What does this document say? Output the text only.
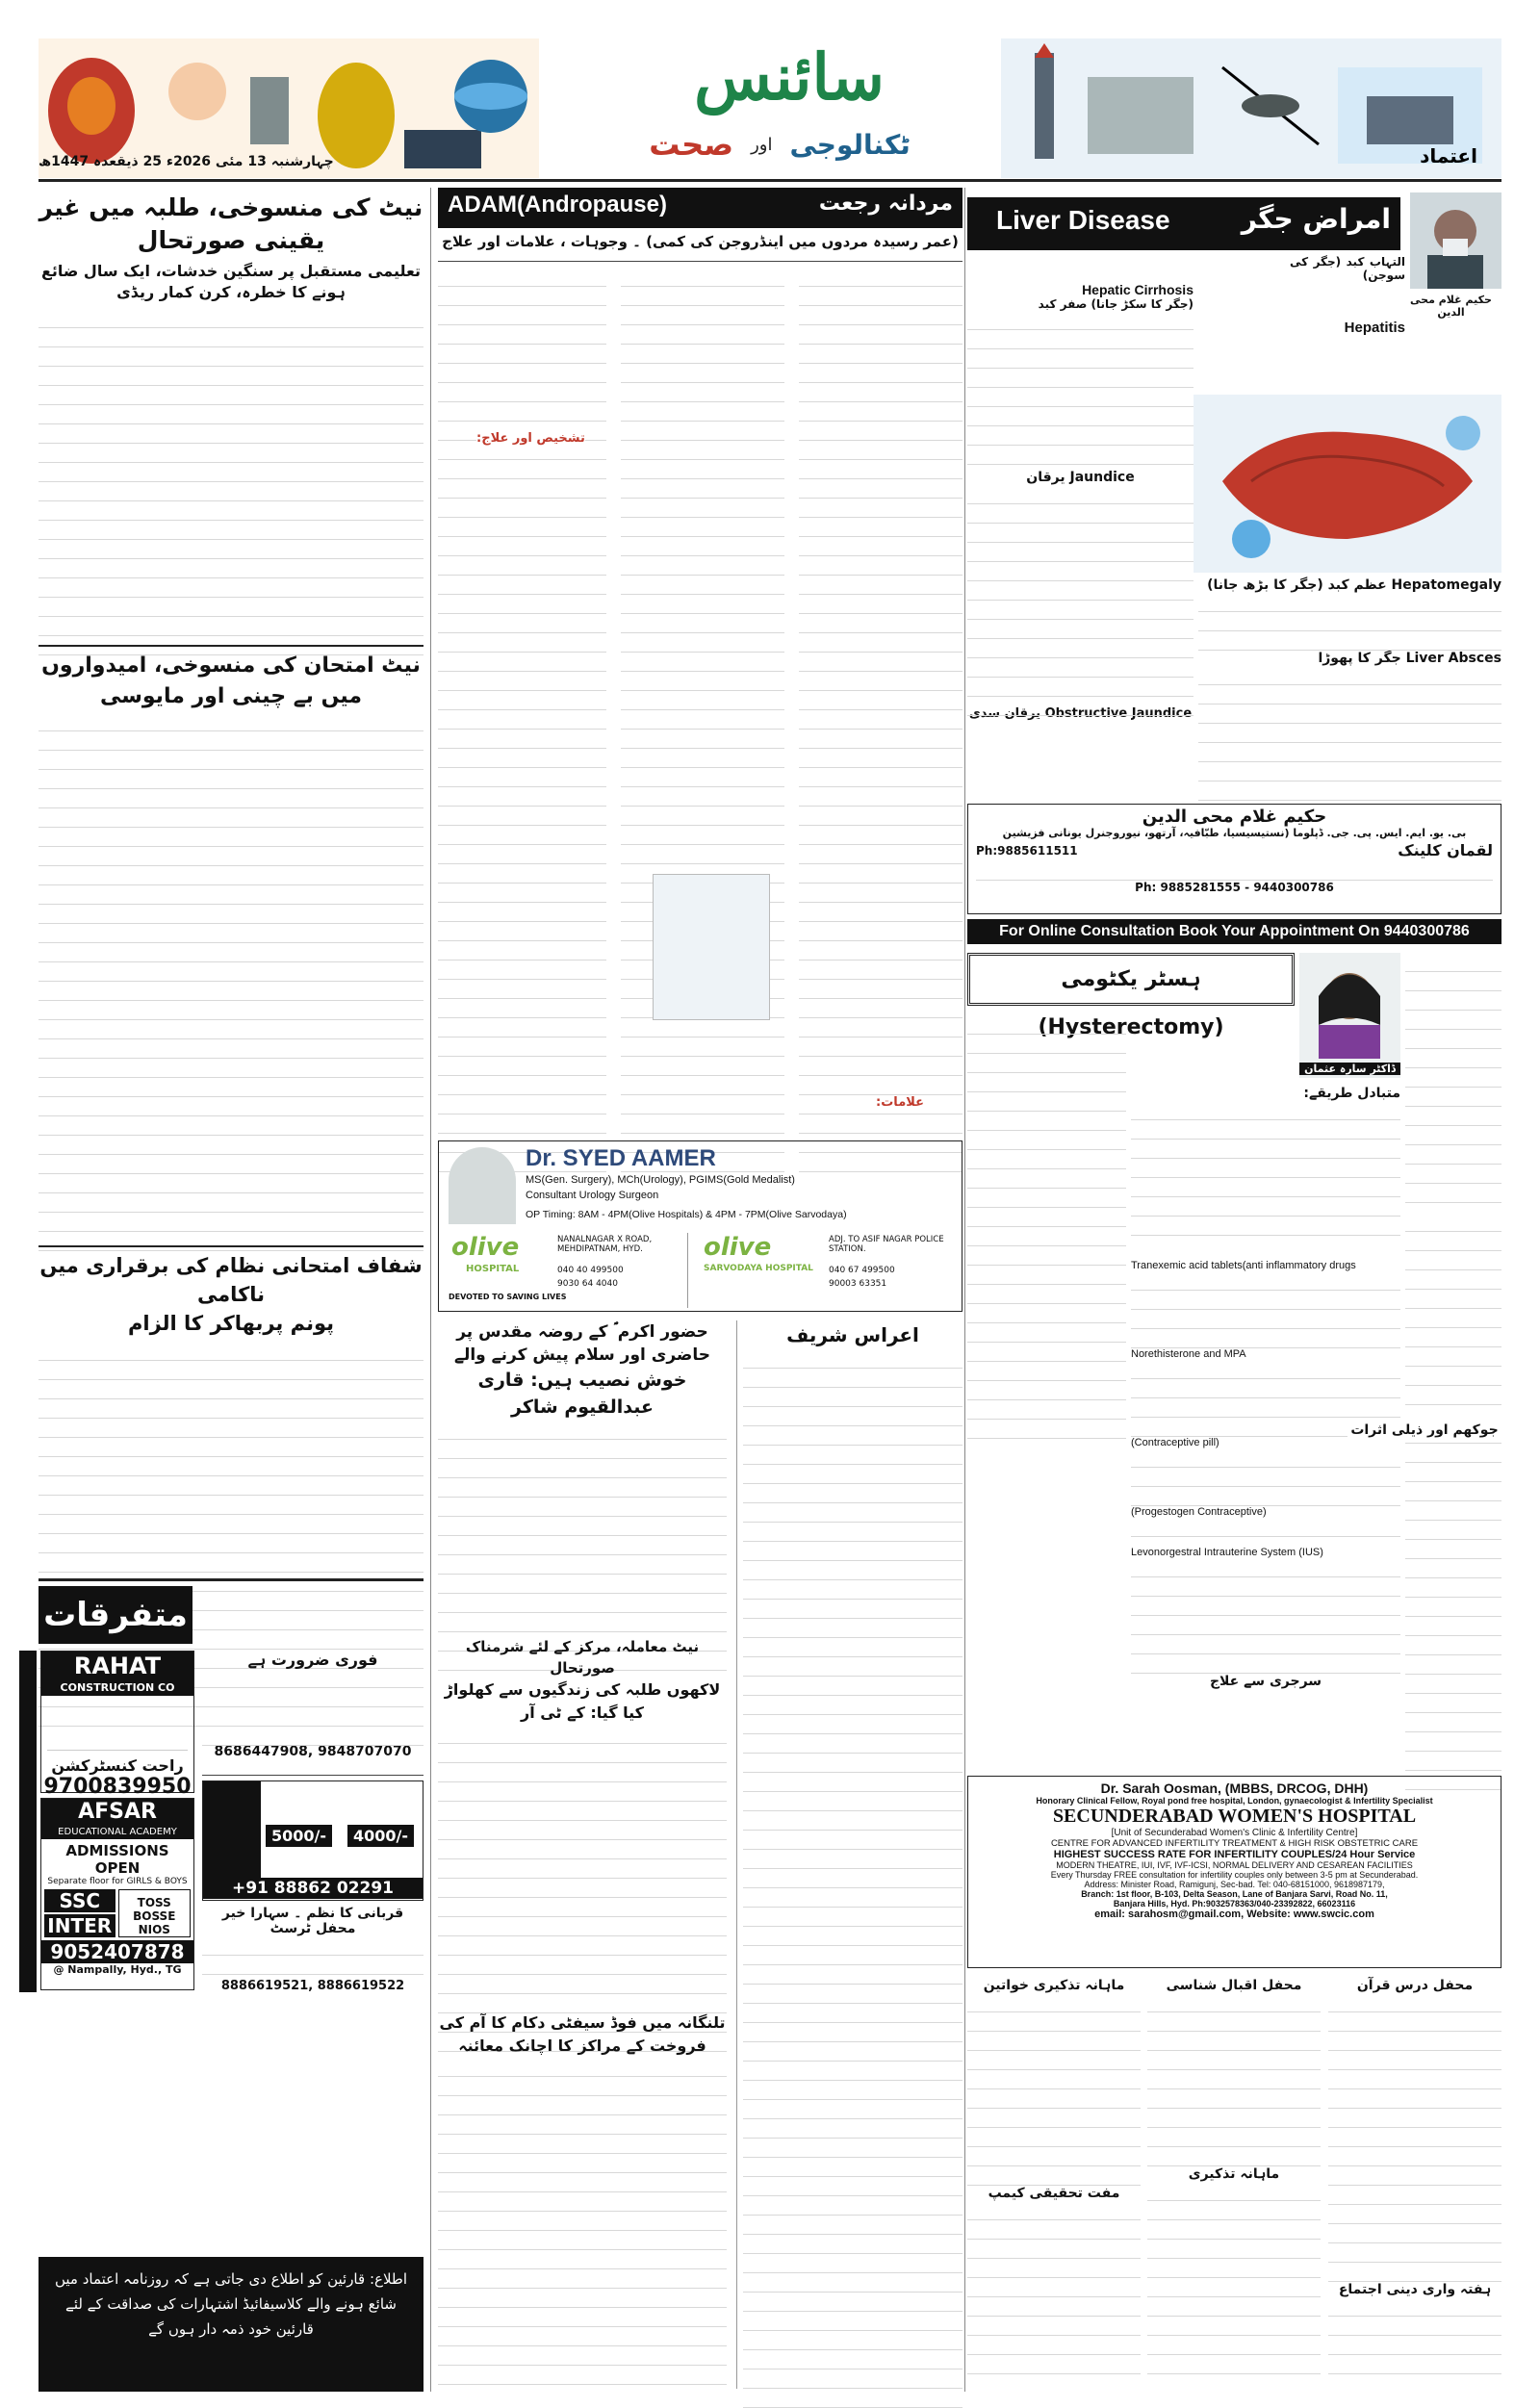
سائنس
صحت اور ٹکنالوجی	اعتماد
چہارشنبہ 13 مئی 2026ء 25 ذیقعدہ 1447ھ
نیٹ کی منسوخی، طلبہ میں غیر یقینی صورتحال
تعلیمی مستقبل پر سنگین خدشات، ایک سال ضائع ہونے کا خطرہ، کرن کمار ریڈی
نیٹ امتحان کی منسوخی، امیدواروں میں بے چینی اور مایوسی
شفاف امتحانی نظام کی برقراری میں ناکامی
پونم پربھاکر کا الزام
متفرقات
RAHAT
CONSTRUCTION CO
راحت کنسٹرکشن
9700839950
AFSAR
EDUCATIONAL ACADEMY
ADMISSIONS OPEN
Separate floor for GIRLS & BOYS
SSC
INTER
TOSS BOSSE NIOS
9052407878
@ Nampally, Hyd., TG
فوری ضرورت ہے
8686447908, 9848707070
5000/-	4000/-
+91 88862 02291
قربانی کا نظم ۔ سہارا خیر محفل ٹرسٹ
8886619521, 8886619522
اطلاع: قارئین کو اطلاع دی جاتی ہے کہ روزنامہ اعتماد میں شائع ہونے والے کلاسیفائیڈ اشتہارات کی صداقت کے لئے قارئین خود ذمہ دار ہوں گے
مردانہ رجعت
ADAM(Andropause)
(عمر رسیدہ مردوں میں اینڈروجن کی کمی) ۔ وجوہات ، علامات اور علاج
تشخیص اور علاج:
علامات:
Dr. SYED AAMER
MS(Gen. Surgery), MCh(Urology), PGIMS(Gold Medalist)
Consultant Urology Surgeon
OP Timing: 8AM - 4PM(Olive Hospitals) & 4PM - 7PM(Olive Sarvodaya)
olive
HOSPITAL
DEVOTED TO SAVING LIVES
NANALNAGAR X ROAD, MEHDIPATNAM, HYD.
040 40 499500
9030 64 4040
olive
SARVODAYA HOSPITAL
ADJ. TO ASIF NAGAR POLICE STATION.
040 67 499500
90003 63351
حضور اکرم ؐ کے روضہ مقدس پر حاضری اور سلام پیش کرنے والے
خوش نصیب ہیں: قاری عبدالقیوم شاکر
نیٹ معاملہ، مرکز کے لئے شرمناک صورتحال
لاکھوں طلبہ کی زندگیوں سے کھلواڑ کیا گیا: کے ٹی آر
تلنگانہ میں فوڈ سیفٹی دکام کا آم کی فروخت کے مراکز کا اچانک معائنہ
اعراس شریف
امراض جگر
Liver Disease
حکیم غلام محی الدین
Hepatitis
التہاب کبد (جگر کی سوجن)
Hepatic Cirrhosis
(جگر کا سکڑ جانا) صفر کبد
یرقان Jaundice
یرقان سدی Obstructive Jaundice
عظم کبد (جگر کا بڑھ جانا) Hepatomegaly
جگر کا پھوڑا Liver Absces
حکیم غلام محی الدین
بی. یو. ایم. ایس. پی. جی. ڈپلوما (نستیسیسیا، طبّافیہ، آرتھو، نیوروجنرل یونانی فزیشین
لقمان کلینک
Ph:9885611511
Ph: 9885281555 - 9440300786
For Online Consultation Book Your Appointment On 9440300786
ہسٹر یکٹومی (Hysterectomy)
ڈاکٹر سارہ عثمان
متبادل طریقے:
Tranexemic acid tablets(anti inflammatory drugs
Norethisterone and MPA
(Contraceptive pill)
(Progestogen Contraceptive)
Levonorgestral Intrauterine System (IUS)
سرجری سے علاج
جوکھم اور ذیلی اثرات
Dr. Sarah Oosman, (MBBS, DRCOG, DHH)
Honorary Clinical Fellow, Royal pond free hospital, London, gynaecologist & Infertility Specialist
SECUNDERABAD WOMEN'S HOSPITAL
[Unit of Secunderabad Women's Clinic & Infertility Centre]
CENTRE FOR ADVANCED INFERTILITY TREATMENT & HIGH RISK OBSTETRIC CARE
HIGHEST SUCCESS RATE FOR INFERTILITY COUPLES/24 Hour Service
MODERN THEATRE, IUI, IVF, IVF-ICSI, NORMAL DELIVERY AND CESAREAN FACILITIES
Every Thursday FREE consultation for infertility couples only between 3-5 pm at Secunderabad.
Address: Minister Road, Ramigunj, Sec-bad. Tel: 040-68151000, 9618987179,
Branch: 1st floor, B-103, Delta Season, Lane of Banjara Sarvi, Road No. 11,
Banjara Hills, Hyd. Ph:9032578363/040-23392822, 66023116
email: sarahosm@gmail.com, Website: www.swcic.com
محفل درس قرآن
ہفتہ واری دینی اجتماع
محفل اقبال شناسی
ماہانہ تذکیری
ماہانہ تذکیری خواتین
مفت تحقیقی کیمپ
